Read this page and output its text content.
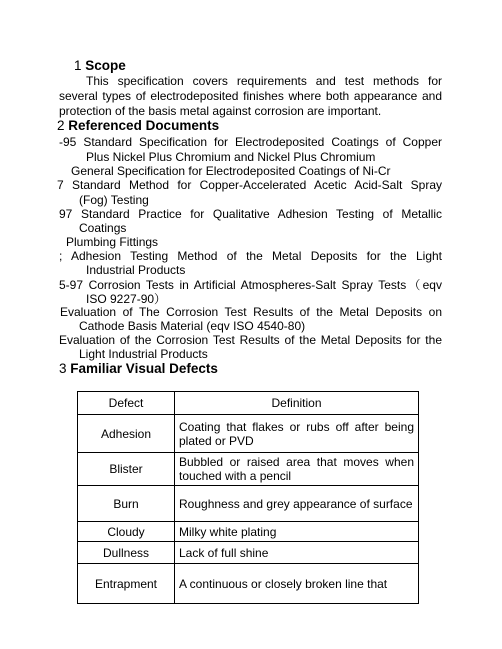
1 Scope
This specification covers requirements and test methods for
several types of electrodeposited finishes where both appearance and
protection of the basis metal against corrosion are important.
2 Referenced Documents
-95 Standard Specification for Electrodeposited Coatings of Copper
Plus Nickel Plus Chromium and Nickel Plus Chromium
General Specification for Electrodeposited Coatings of Ni-Cr
7 Standard Method for Copper-Accelerated Acetic Acid-Salt Spray
(Fog) Testing
97 Standard Practice for Qualitative Adhesion Testing of Metallic
Coatings
Plumbing Fittings
; Adhesion Testing Method of the Metal Deposits for the Light
Industrial Products
5-97 Corrosion Tests in Artificial Atmospheres-Salt Spray Tests（eqv
ISO 9227-90）
Evaluation of The Corrosion Test Results of the Metal Deposits on
Cathode Basis Material (eqv ISO 4540-80)
Evaluation of the Corrosion Test Results of the Metal Deposits for the
Light Industrial Products
3 Familiar Visual Defects
Defect	Definition
Adhesion	Coating that flakes or rubs off after being plated or PVD
Blister	Bubbled or raised area that moves when touched with a pencil
Burn	Roughness and grey appearance of surface
Cloudy	Milky white plating
Dullness	Lack of full shine
Entrapment	A continuous or closely broken line that
